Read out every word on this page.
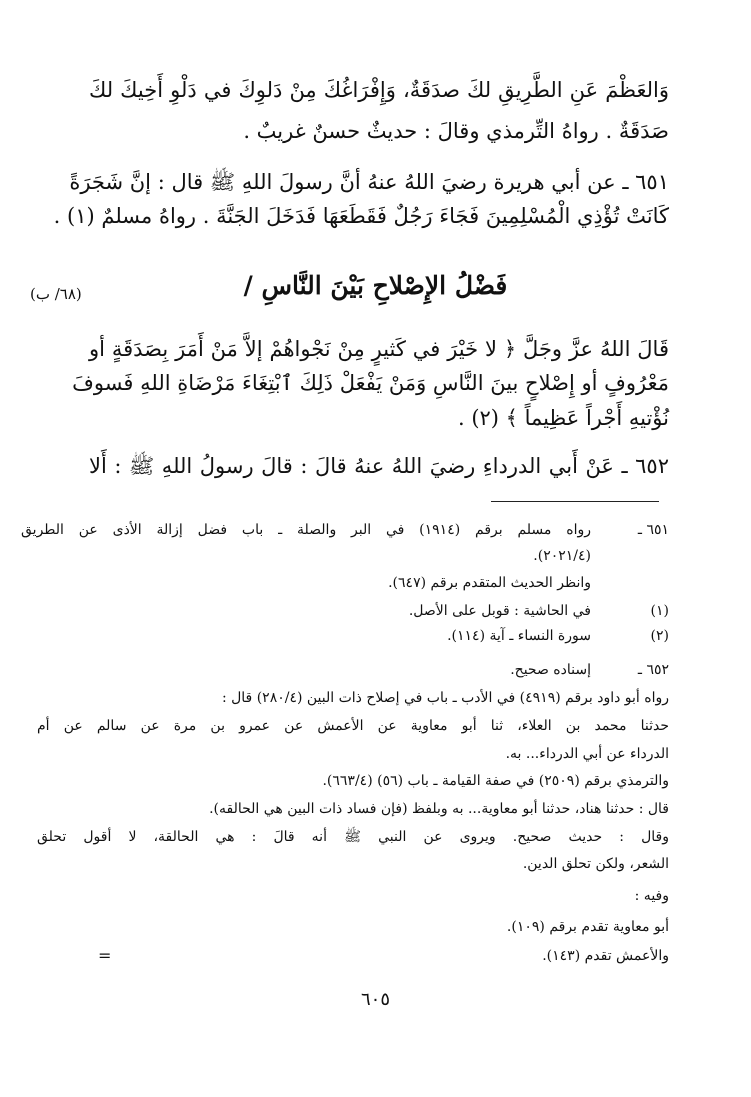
وَالعَظْمَ عَنِ الطَّرِيقِ لكَ صدَقَةٌ، وَإِفْرَاغُكَ مِنْ دَلوِكَ في دَلْوِ أَخِيكَ لكَ
صَدَقَةٌ . رواهُ التِّرمذي وقالَ : حديثٌ حسنٌ غريبٌ .
٦٥١ ـ عن أبي هريرة رضيَ اللهُ عنهُ أنَّ رسولَ اللهِ ﷺ قال : إنَّ شَجَرَةً
كَانَتْ تُؤْذِي الْمُسْلِمِينَ فَجَاءَ رَجُلٌ فَقَطَعَهَا فَدَخَلَ الجَنَّةَ . رواهُ مسلمٌ (١) .
فَضْلُ الإِصْلاحِ بَيْنَ النَّاسِ /
(٦٨/ ب)
قَالَ اللهُ عزَّ وجَلَّ ﴿ لا خَيْرَ في كَثيرٍ مِنْ نَجْواهُمْ إلاَّ مَنْ أَمَرَ بِصَدَقَةٍ أو
مَعْرُوفٍ أو إِصْلاحٍ بينَ النَّاسِ وَمَنْ يَفْعَلْ ذَلِكَ ٱبْتِغَاءَ مَرْضَاةِ اللهِ فَسوفَ
نُؤْتيهِ أَجْراً عَظِيماً ﴾ (٢) .
٦٥٢ ـ عَنْ أَبي الدرداءِ رضيَ اللهُ عنهُ قالَ : قالَ رسولُ اللهِ ﷺ : أَلا
٦٥١ ـ
رواه مسلم برقم (١٩١٤) في البر والصلة ـ باب فضل إزالة الأذى عن الطريق
(٢٠٢١/٤).
وانظر الحديث المتقدم برقم (٦٤٧).
(١)
في الحاشية : قوبل على الأصل.
(٢)
سورة النساء ـ آية (١١٤).
٦٥٢ ـ
إسناده صحيح.
رواه أبو داود برقم (٤٩١٩) في الأدب ـ باب في إصلاح ذات البين (٢٨٠/٤) قال :
حدثنا محمد بن العلاء، ثنا أبو معاوية عن الأعمش عن عمرو بن مرة عن سالم عن أم
الدرداء عن أبي الدرداء... به.
والترمذي برقم (٢٥٠٩) في صفة القيامة ـ باب (٥٦) (٦٦٣/٤).
قال : حدثنا هناد، حدثنا أبو معاوية... به وبلفظ (فإن فساد ذات البين هي الحالقه).
وقال : حديث صحيح. ويروى عن النبي ﷺ أنه قالَ : هي الحالقة، لا أقول تحلق
الشعر، ولكن تحلق الدين.
وفيه :
أبو معاوية تقدم برقم (١٠٩).
والأعمش تقدم (١٤٣).
=
٦٠٥
